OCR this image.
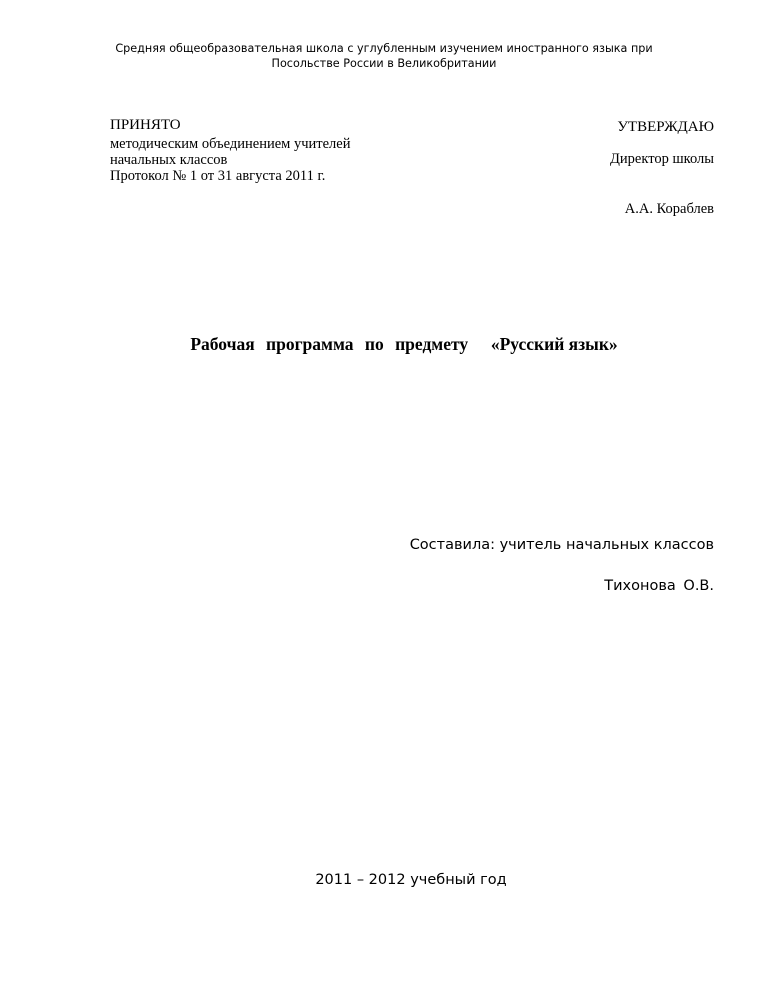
Средняя общеобразовательная школа с углубленным изучением иностранного языка при
Посольстве России в Великобритании
ПРИНЯТО
методическим объединением учителей
начальных классов
Протокол № 1 от 31 августа 2011 г.
УТВЕРЖДАЮ
Директор школы
А.А. Кораблев
Рабочая программа по предмету «Русский язык»
Составила: учитель начальных классов
Тихонова О.В.
2011 – 2012 учебный год
